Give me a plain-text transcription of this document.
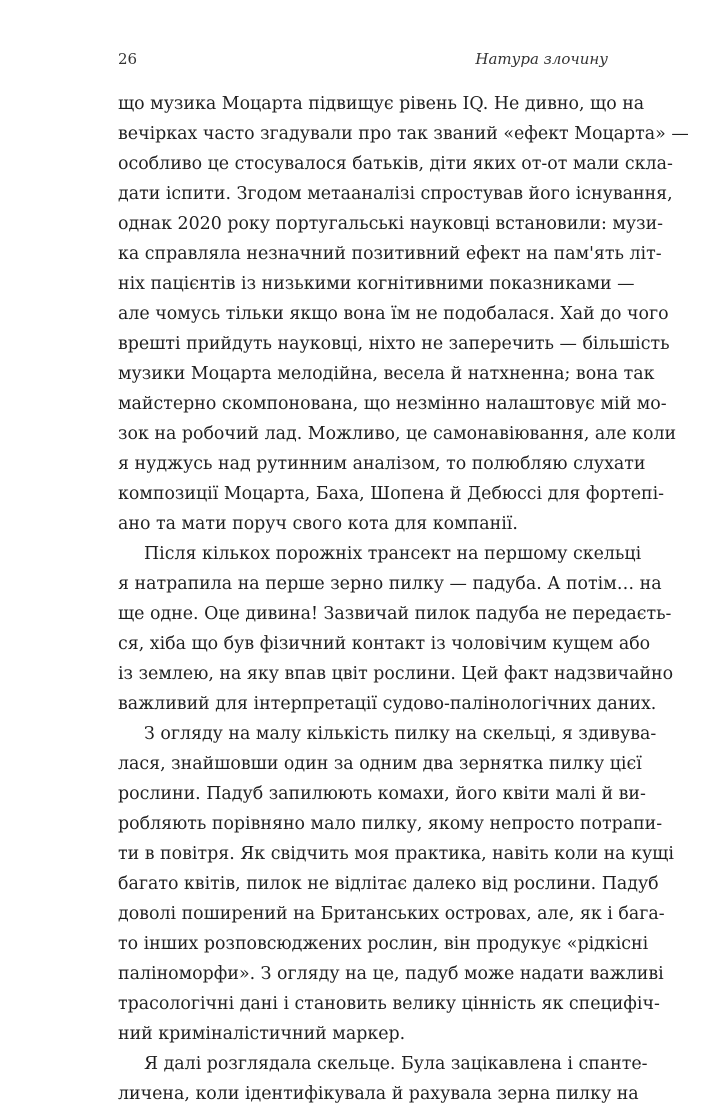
26	Натура злочину
що музика Моцарта підвищує рівень IQ. Не дивно, що на
вечірках часто згадували про так званий «ефект Моцарта» —
особливо це стосувалося батьків, діти яких от-от мали скла-
дати іспити. Згодом метааналізі спростував його існування,
однак 2020 року португальські науковці встановили: музи-
ка справляла незначний позитивний ефект на пам'ять літ-
ніх пацієнтів із низькими когнітивними показниками —
але чомусь тільки якщо вона їм не подобалася. Хай до чого
врешті прийдуть науковці, ніхто не заперечить — більшість
музики Моцарта мелодійна, весела й натхненна; вона так
майстерно скомпонована, що незмінно налаштовує мій мо-
зок на робочий лад. Можливо, це самонавіювання, але коли
я нуджусь над рутинним аналізом, то полюбляю слухати
композиції Моцарта, Баха, Шопена й Дебюссі для фортепі-
ано та мати поруч свого кота для компанії.
Після кількох порожніх трансект на першому скельці
я натрапила на перше зерно пилку — падуба. А потім… на
ще одне. Оце дивина! Зазвичай пилок падуба не передаєть-
ся, хіба що був фізичний контакт із чоловічим кущем або
із землею, на яку впав цвіт рослини. Цей факт надзвичайно
важливий для інтерпретації судово-палінологічних даних.
З огляду на малу кількість пилку на скельці, я здивува-
лася, знайшовши один за одним два зернятка пилку цієї
рослини. Падуб запилюють комахи, його квіти малі й ви-
робляють порівняно мало пилку, якому непросто потрапи-
ти в повітря. Як свідчить моя практика, навіть коли на кущі
багато квітів, пилок не відлітає далеко від рослини. Падуб
доволі поширений на Британських островах, але, як і бага-
то інших розповсюджених рослин, він продукує «рідкісні
паліноморфи». З огляду на це, падуб може надати важливі
трасологічні дані і становить велику цінність як специфіч-
ний криміналістичний маркер.
Я далі розглядала скельце. Була зацікавлена і спанте-
личена, коли ідентифікувала й рахувала зерна пилку на
